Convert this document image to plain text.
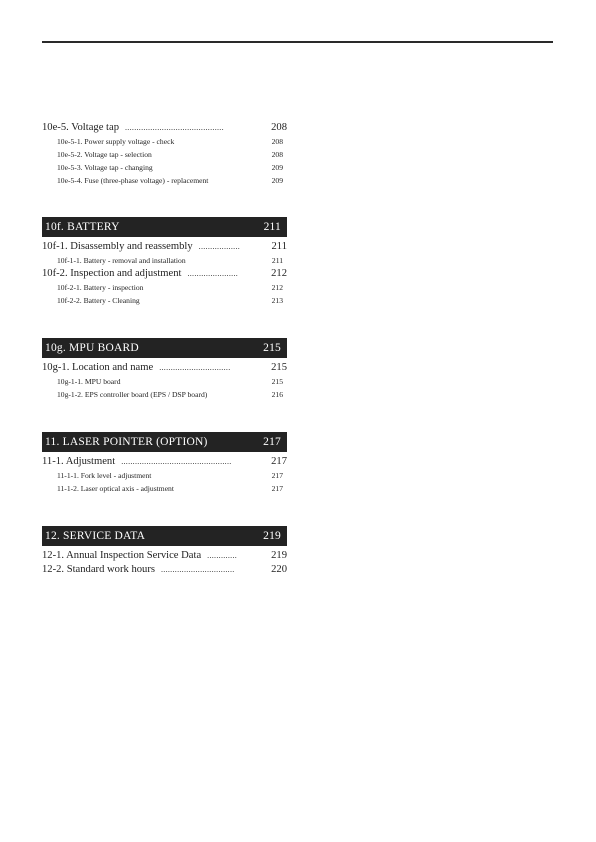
10e-5. Voltage tap ...........................................	208
10e-5-1. Power supply voltage - check	208
10e-5-2. Voltage tap - selection	208
10e-5-3. Voltage tap - changing	209
10e-5-4. Fuse (three-phase voltage) - replacement	209
10f. BATTERY	211
10f-1. Disassembly and reassembly ..................	211
10f-1-1. Battery - removal and installation	211
10f-2. Inspection and adjustment ......................	212
10f-2-1. Battery - inspection	212
10f-2-2. Battery - Cleaning	213
10g. MPU BOARD	215
10g-1. Location and name ...............................	215
10g-1-1. MPU board	215
10g-1-2. EPS controller board (EPS / DSP board)	216
11. LASER POINTER (OPTION)	217
11-1. Adjustment ................................................	217
11-1-1. Fork level - adjustment	217
11-1-2. Laser optical axis - adjustment	217
12. SERVICE DATA	219
12-1. Annual Inspection Service Data .............	219
12-2. Standard work hours ................................	220
